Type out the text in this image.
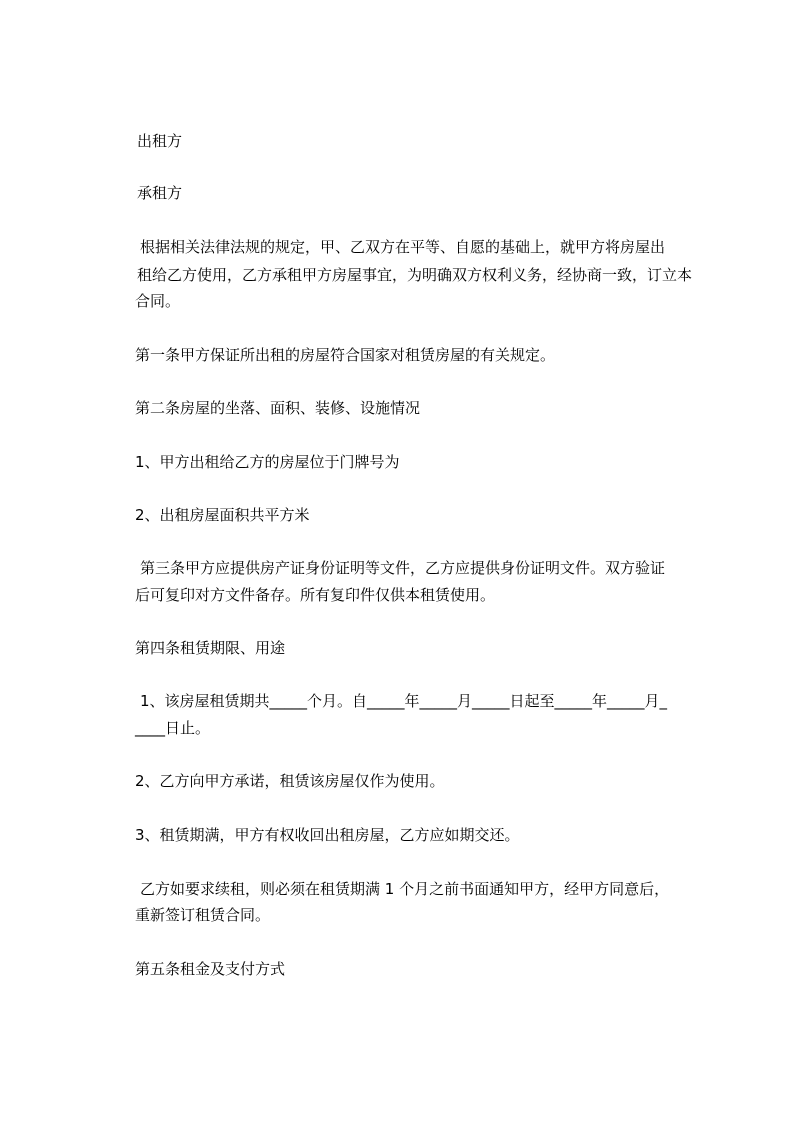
出租方
承租方
根据相关法律法规的规定，甲、乙双方在平等、自愿的基础上，就甲方将房屋出
租给乙方使用，乙方承租甲方房屋事宜，为明确双方权利义务，经协商一致，订立本
合同。
第一条甲方保证所出租的房屋符合国家对租赁房屋的有关规定。
第二条房屋的坐落、面积、装修、设施情况
1、甲方出租给乙方的房屋位于门牌号为
2、出租房屋面积共平方米
第三条甲方应提供房产证身份证明等文件，乙方应提供身份证明文件。双方验证
后可复印对方文件备存。所有复印件仅供本租赁使用。
第四条租赁期限、用途
1、该房屋租赁期共_____个月。自_____年_____月_____日起至_____年_____月_
____日止。
2、乙方向甲方承诺，租赁该房屋仅作为使用。
3、租赁期满，甲方有权收回出租房屋，乙方应如期交还。
乙方如要求续租，则必须在租赁期满 1 个月之前书面通知甲方，经甲方同意后，
重新签订租赁合同。
第五条租金及支付方式
